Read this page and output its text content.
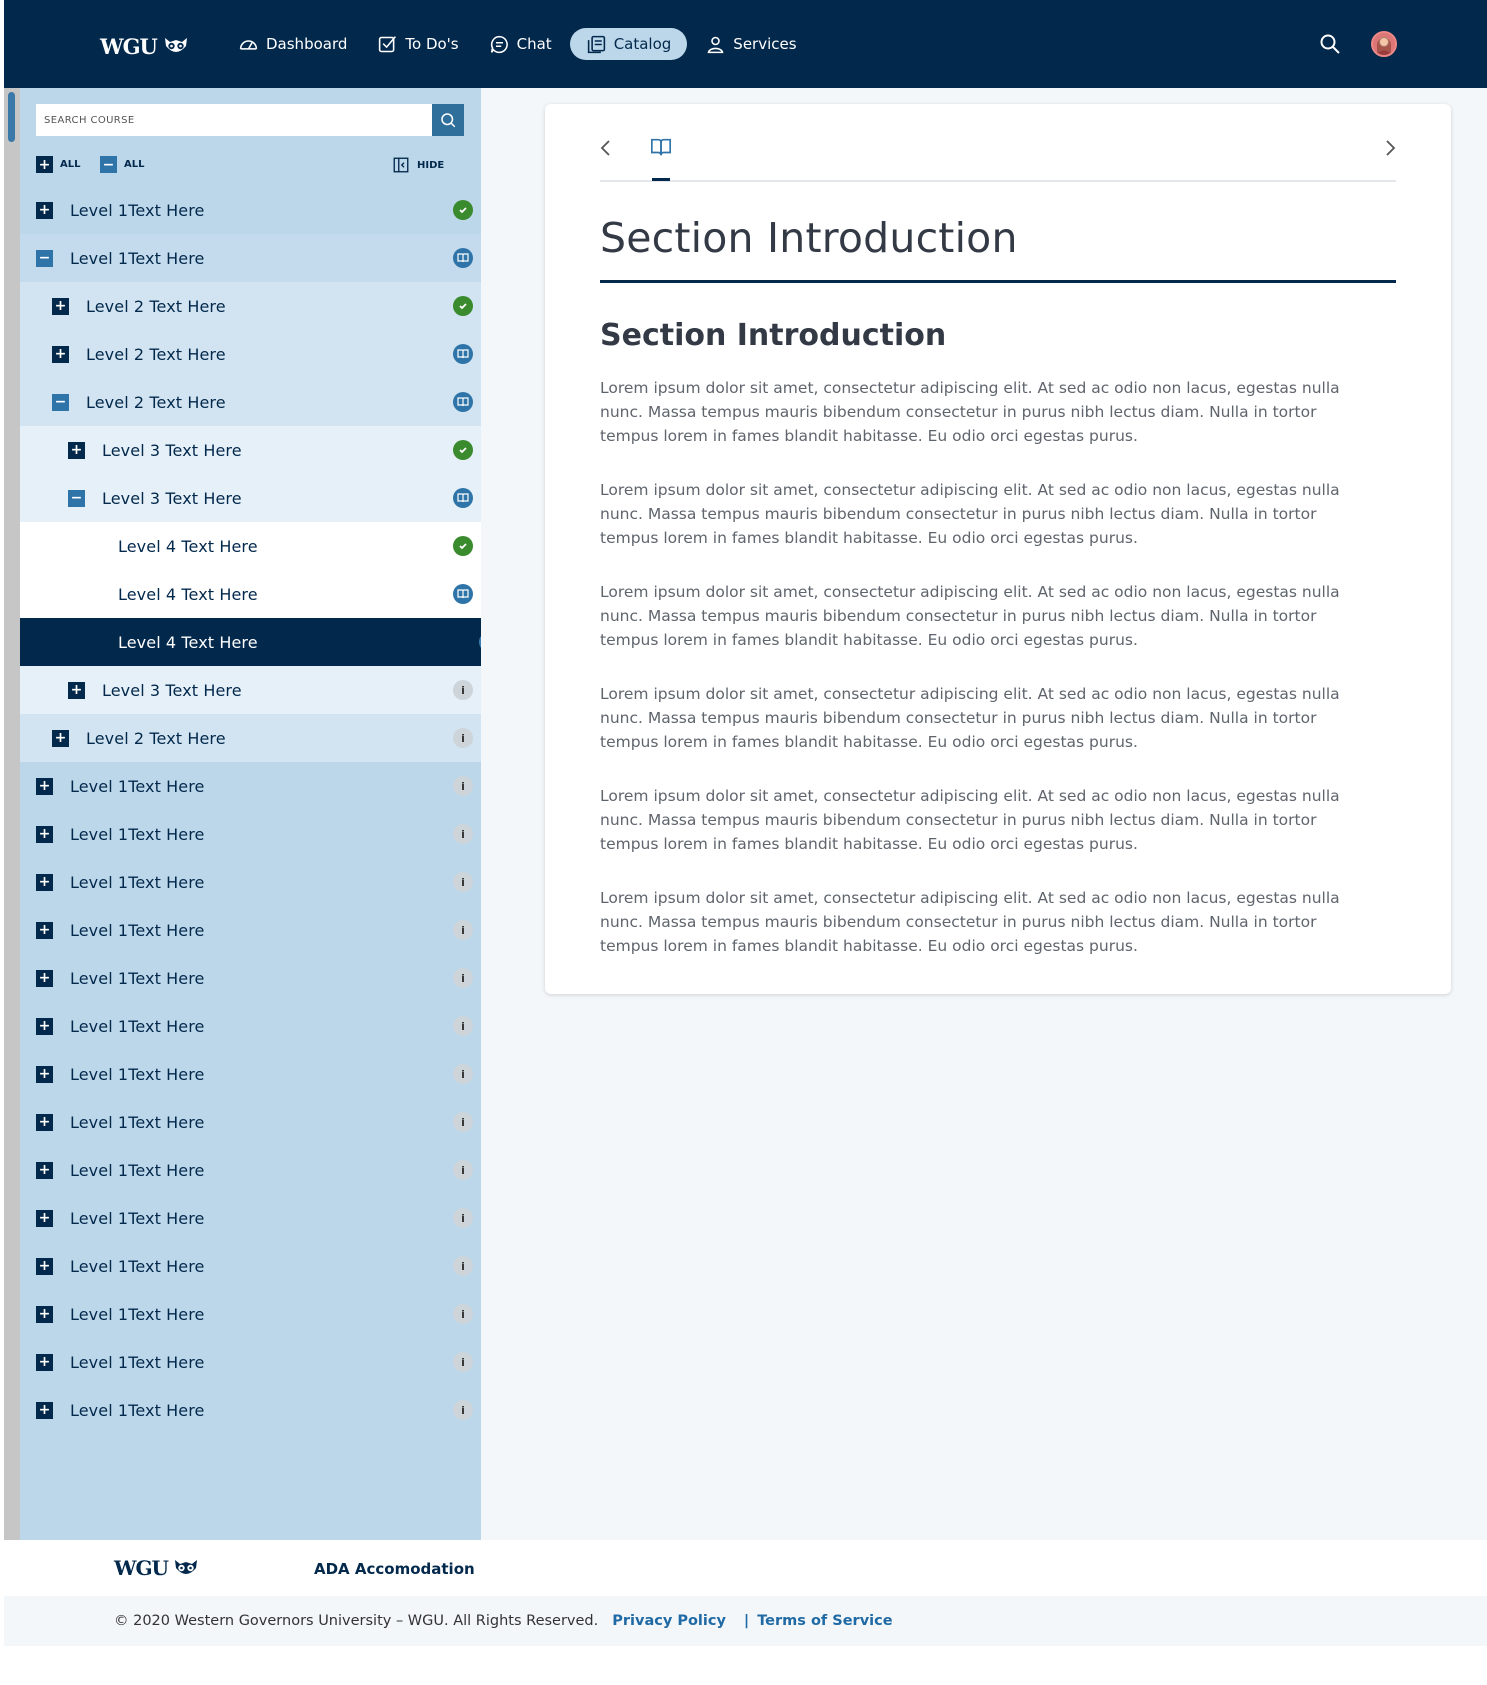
WGU	Dashboard	To Do's	Chat	Catalog	Services
SEARCH COURSE
+ ALL − ALL	HIDE
+ Level 1Text Here
− Level 1Text Here
+ Level 2 Text Here
+ Level 2 Text Here
− Level 2 Text Here
+ Level 3 Text Here
− Level 3 Text Here
Level 4 Text Here
Level 4 Text Here
Level 4 Text Here
+ Level 3 Text Here	i
+ Level 2 Text Here	i
+ Level 1Text Here	i
+ Level 1Text Here	i
+ Level 1Text Here	i
+ Level 1Text Here	i
+ Level 1Text Here	i
+ Level 1Text Here	i
+ Level 1Text Here	i
+ Level 1Text Here	i
+ Level 1Text Here	i
+ Level 1Text Here	i
+ Level 1Text Here	i
+ Level 1Text Here	i
+ Level 1Text Here	i
+ Level 1Text Here	i
Section Introduction
Section Introduction

Lorem ipsum dolor sit amet, consectetur adipiscing elit. At sed ac odio non lacus, egestas nulla nunc. Massa tempus mauris bibendum consectetur in purus nibh lectus diam. Nulla in tortor tempus lorem in fames blandit habitasse. Eu odio orci egestas purus.

Lorem ipsum dolor sit amet, consectetur adipiscing elit. At sed ac odio non lacus, egestas nulla nunc. Massa tempus mauris bibendum consectetur in purus nibh lectus diam. Nulla in tortor tempus lorem in fames blandit habitasse. Eu odio orci egestas purus.

Lorem ipsum dolor sit amet, consectetur adipiscing elit. At sed ac odio non lacus, egestas nulla nunc. Massa tempus mauris bibendum consectetur in purus nibh lectus diam. Nulla in tortor tempus lorem in fames blandit habitasse. Eu odio orci egestas purus.

Lorem ipsum dolor sit amet, consectetur adipiscing elit. At sed ac odio non lacus, egestas nulla nunc. Massa tempus mauris bibendum consectetur in purus nibh lectus diam. Nulla in tortor tempus lorem in fames blandit habitasse. Eu odio orci egestas purus.

Lorem ipsum dolor sit amet, consectetur adipiscing elit. At sed ac odio non lacus, egestas nulla nunc. Massa tempus mauris bibendum consectetur in purus nibh lectus diam. Nulla in tortor tempus lorem in fames blandit habitasse. Eu odio orci egestas purus.

Lorem ipsum dolor sit amet, consectetur adipiscing elit. At sed ac odio non lacus, egestas nulla nunc. Massa tempus mauris bibendum consectetur in purus nibh lectus diam. Nulla in tortor tempus lorem in fames blandit habitasse. Eu odio orci egestas purus.

WGU	ADA Accomodation
© 2020 Western Governors University – WGU. All Rights Reserved. Privacy Policy | Terms of Service
